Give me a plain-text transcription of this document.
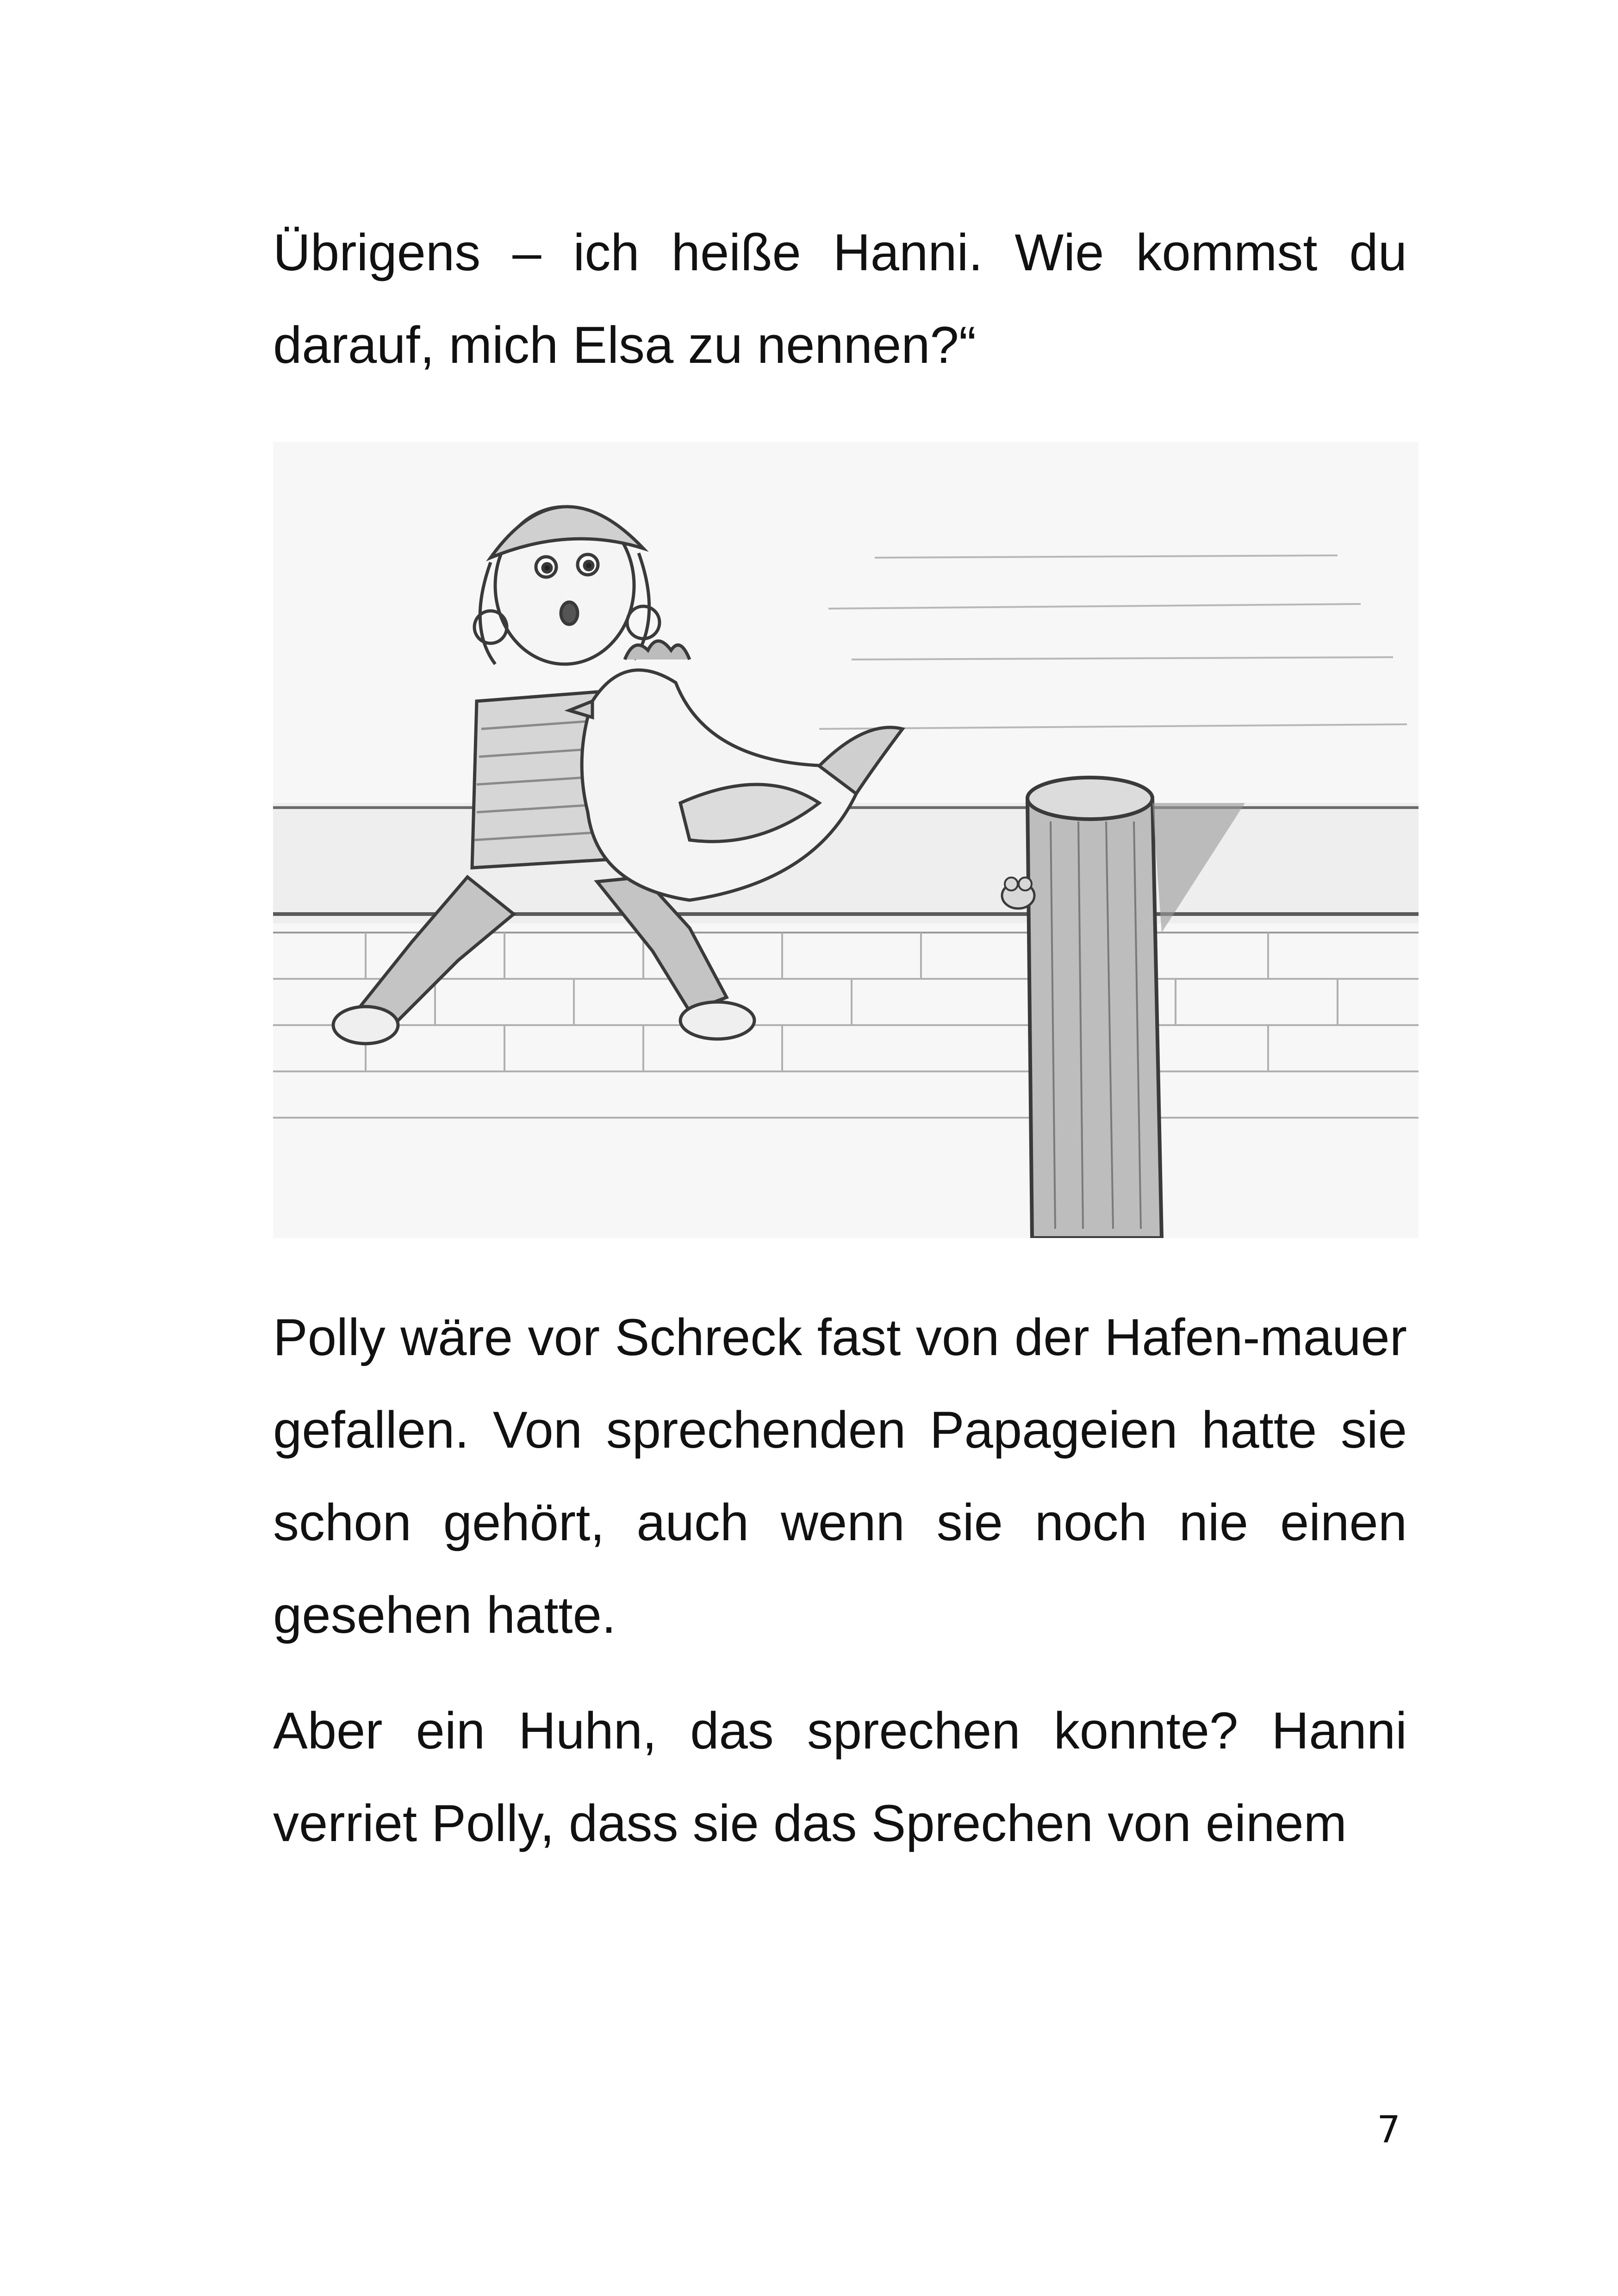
Übrigens – ich heiße Hanni. Wie kommst du darauf, mich Elsa zu nennen?“

Polly wäre vor Schreck fast von der Hafen-mauer gefallen. Von sprechenden Papageien hatte sie schon gehört, auch wenn sie noch nie einen gesehen hatte.

Aber ein Huhn, das sprechen konnte? Hanni verriet Polly, dass sie das Sprechen von einem

7
